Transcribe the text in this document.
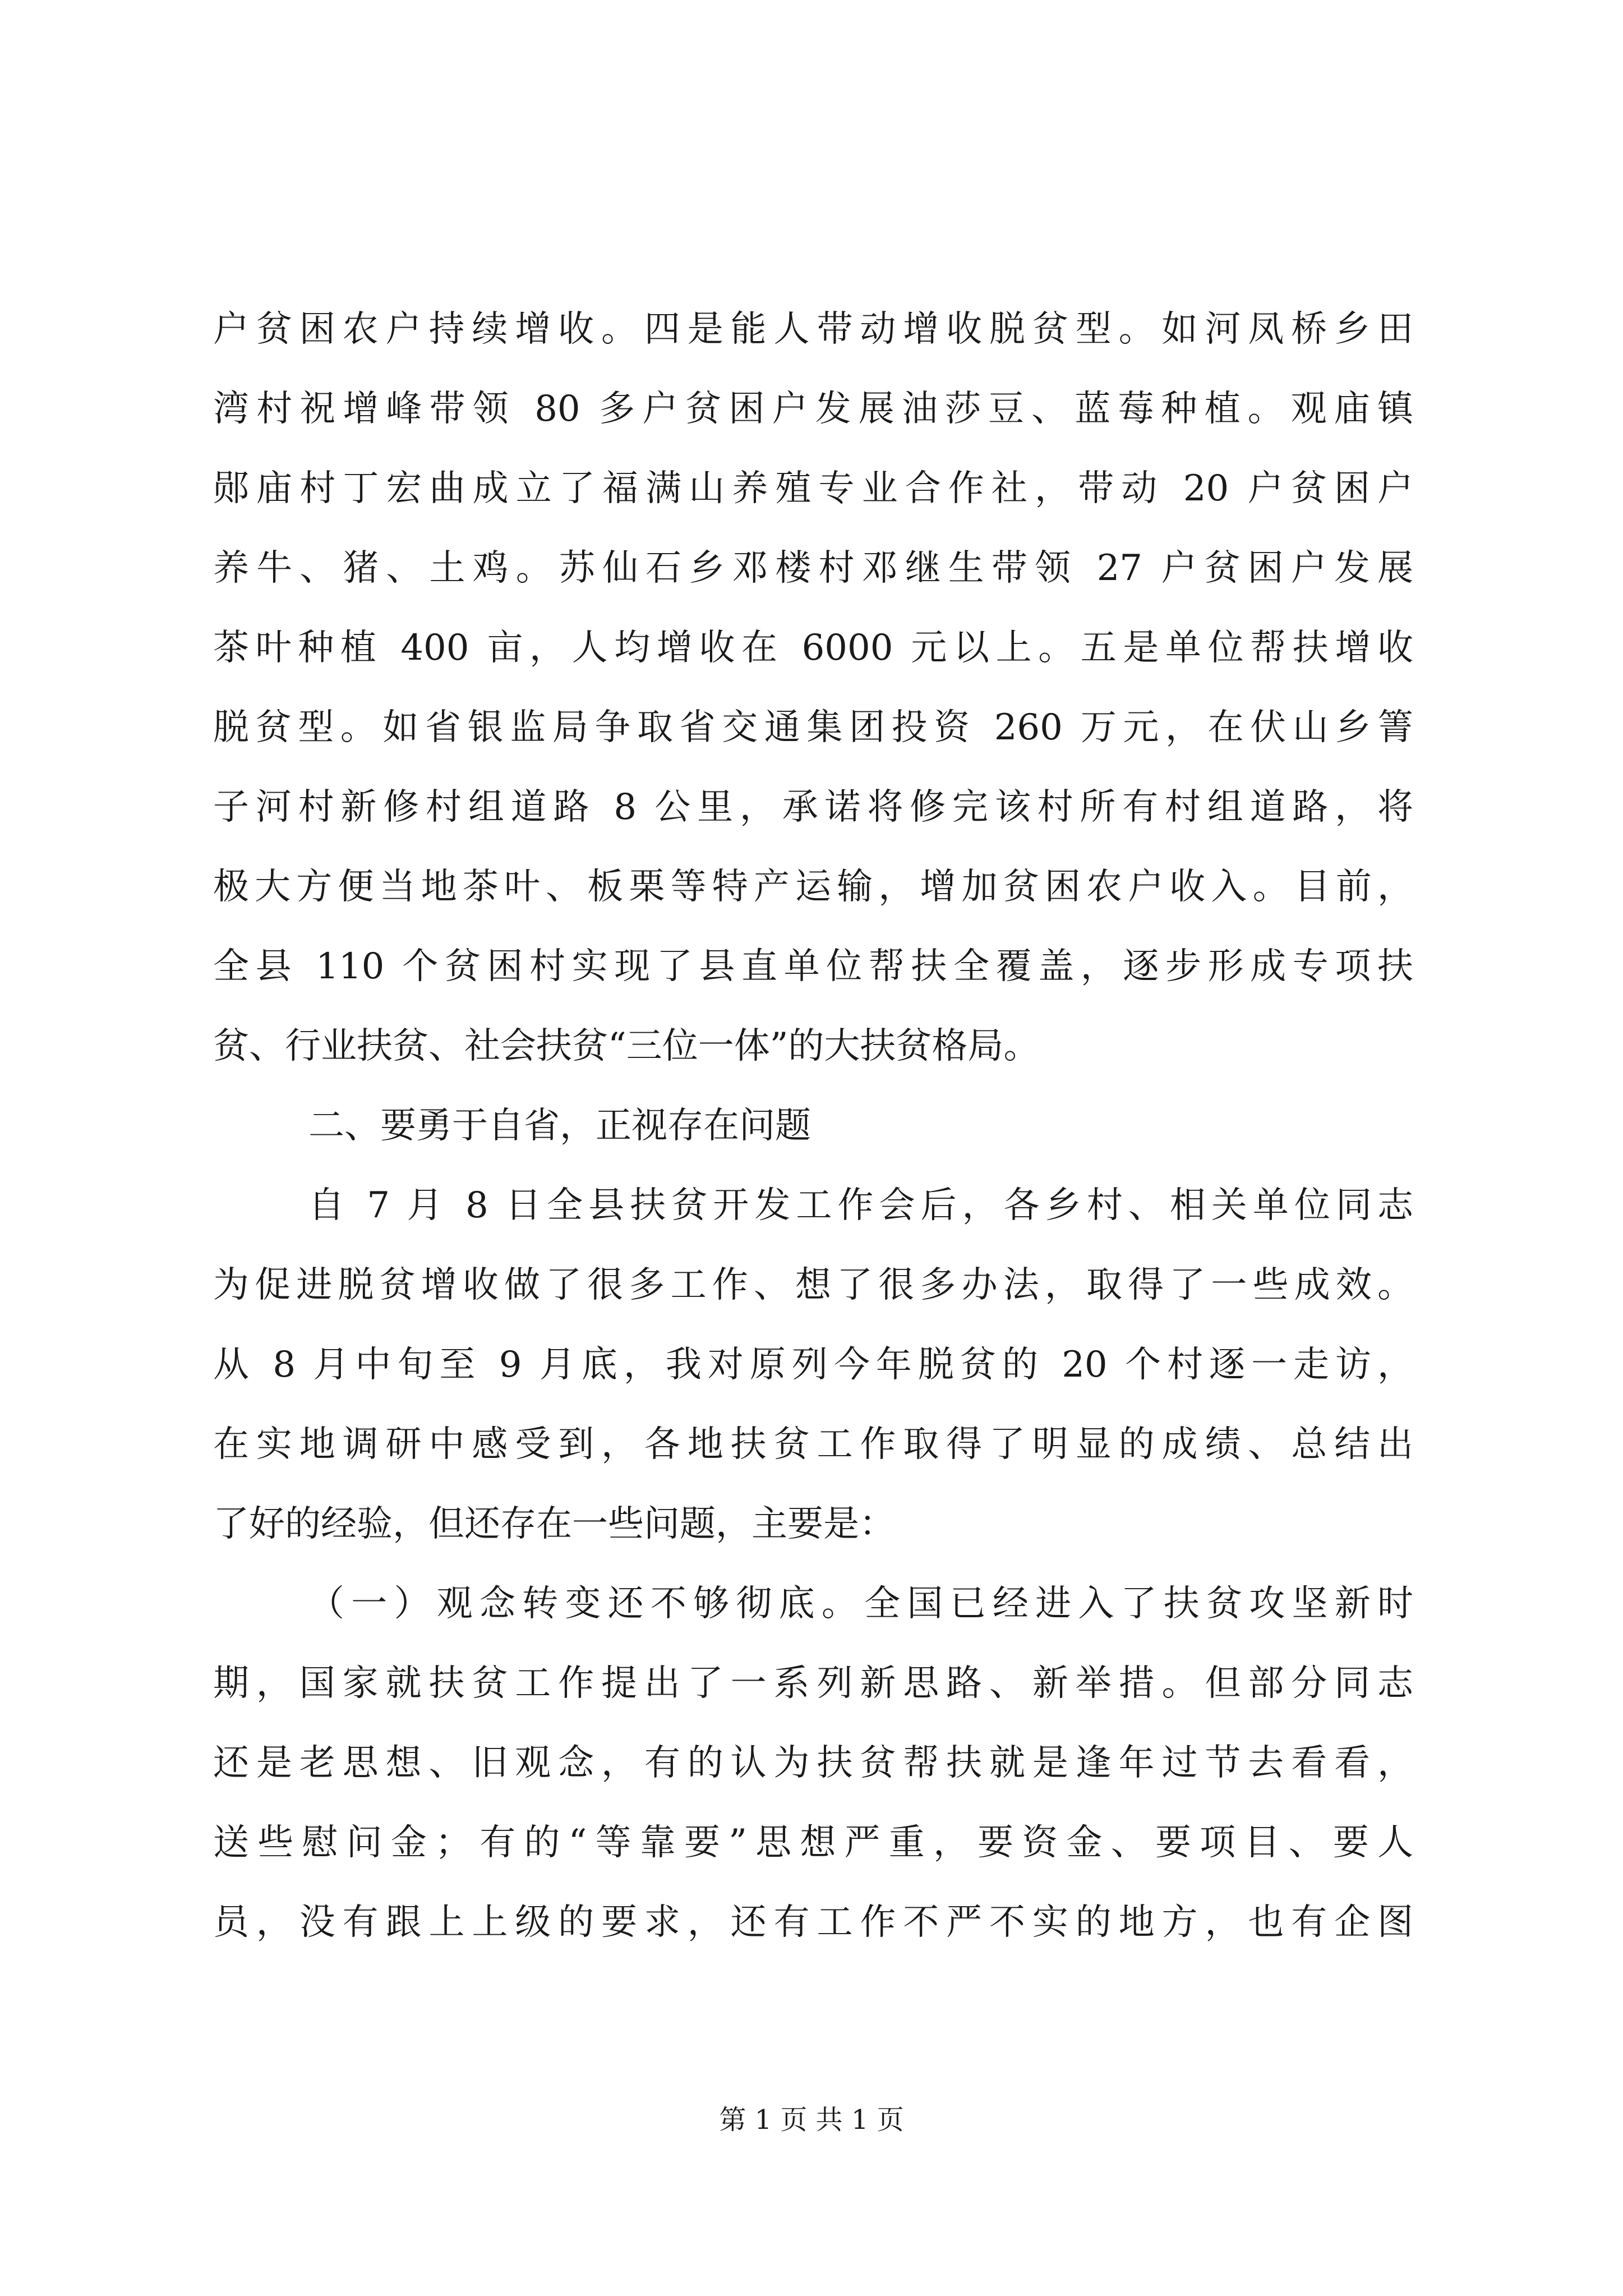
户贫困农户持续增收。四是能人带动增收脱贫型。如河凤桥乡田
湾村祝增峰带领 80 多户贫困户发展油莎豆、蓝莓种植。观庙镇
郧庙村丁宏曲成立了福满山养殖专业合作社，带动 20 户贫困户
养牛、猪、土鸡。苏仙石乡邓楼村邓继生带领 27 户贫困户发展
茶叶种植 400 亩，人均增收在 6000 元以上。五是单位帮扶增收
脱贫型。如省银监局争取省交通集团投资 260 万元，在伏山乡箐
子河村新修村组道路 8 公里，承诺将修完该村所有村组道路，将
极大方便当地茶叶、板栗等特产运输，增加贫困农户收入。目前，
全县 110 个贫困村实现了县直单位帮扶全覆盖，逐步形成专项扶
贫、行业扶贫、社会扶贫“三位一体”的大扶贫格局。
二、要勇于自省，正视存在问题
自 7 月 8 日全县扶贫开发工作会后，各乡村、相关单位同志
为促进脱贫增收做了很多工作、想了很多办法，取得了一些成效。
从 8 月中旬至 9 月底，我对原列今年脱贫的 20 个村逐一走访，
在实地调研中感受到，各地扶贫工作取得了明显的成绩、总结出
了好的经验，但还存在一些问题，主要是：
（一）观念转变还不够彻底。全国已经进入了扶贫攻坚新时
期，国家就扶贫工作提出了一系列新思路、新举措。但部分同志
还是老思想、旧观念，有的认为扶贫帮扶就是逢年过节去看看，
送些慰问金；有的“等靠要”思想严重，要资金、要项目、要人
员，没有跟上上级的要求，还有工作不严不实的地方，也有企图
第 1 页 共 1 页
